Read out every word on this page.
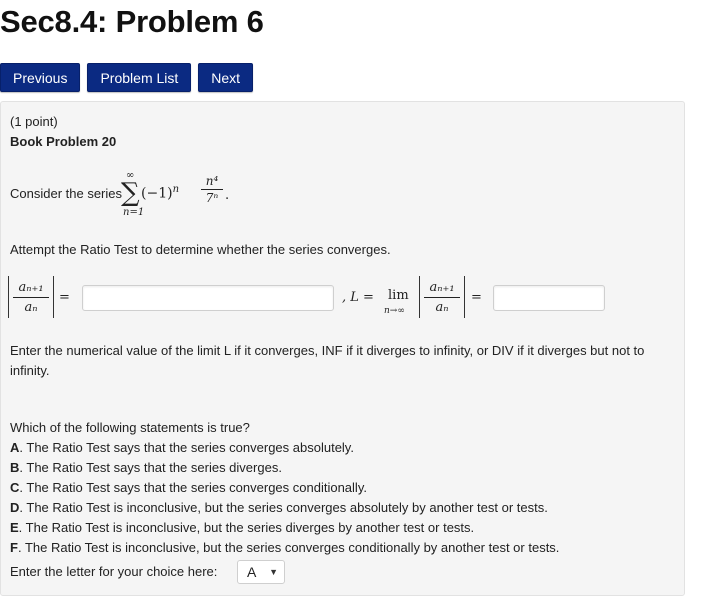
Sec8.4: Problem 6
Previous	Problem List	Next
(1 point)
Book Problem 20
Consider the series
∞
∑
n=1
$(-1)^n \frac{\text{n⁴}}{\text{7ⁿ}}$ .
Attempt the Ratio Test to determine whether the series converges.
aₙ₊₁
aₙ
=	, L = lim
n→∞
aₙ₊₁
aₙ
=
Enter the numerical value of the limit L if it converges, INF if it diverges to infinity, or DIV if it diverges but not to infinity.
Which of the following statements is true?
A. The Ratio Test says that the series converges absolutely.
B. The Ratio Test says that the series diverges.
C. The Ratio Test says that the series converges conditionally.
D. The Ratio Test is inconclusive, but the series converges absolutely by another test or tests.
E. The Ratio Test is inconclusive, but the series diverges by another test or tests.
F. The Ratio Test is inconclusive, but the series converges conditionally by another test or tests.
Enter the letter for your choice here:	A ▼
